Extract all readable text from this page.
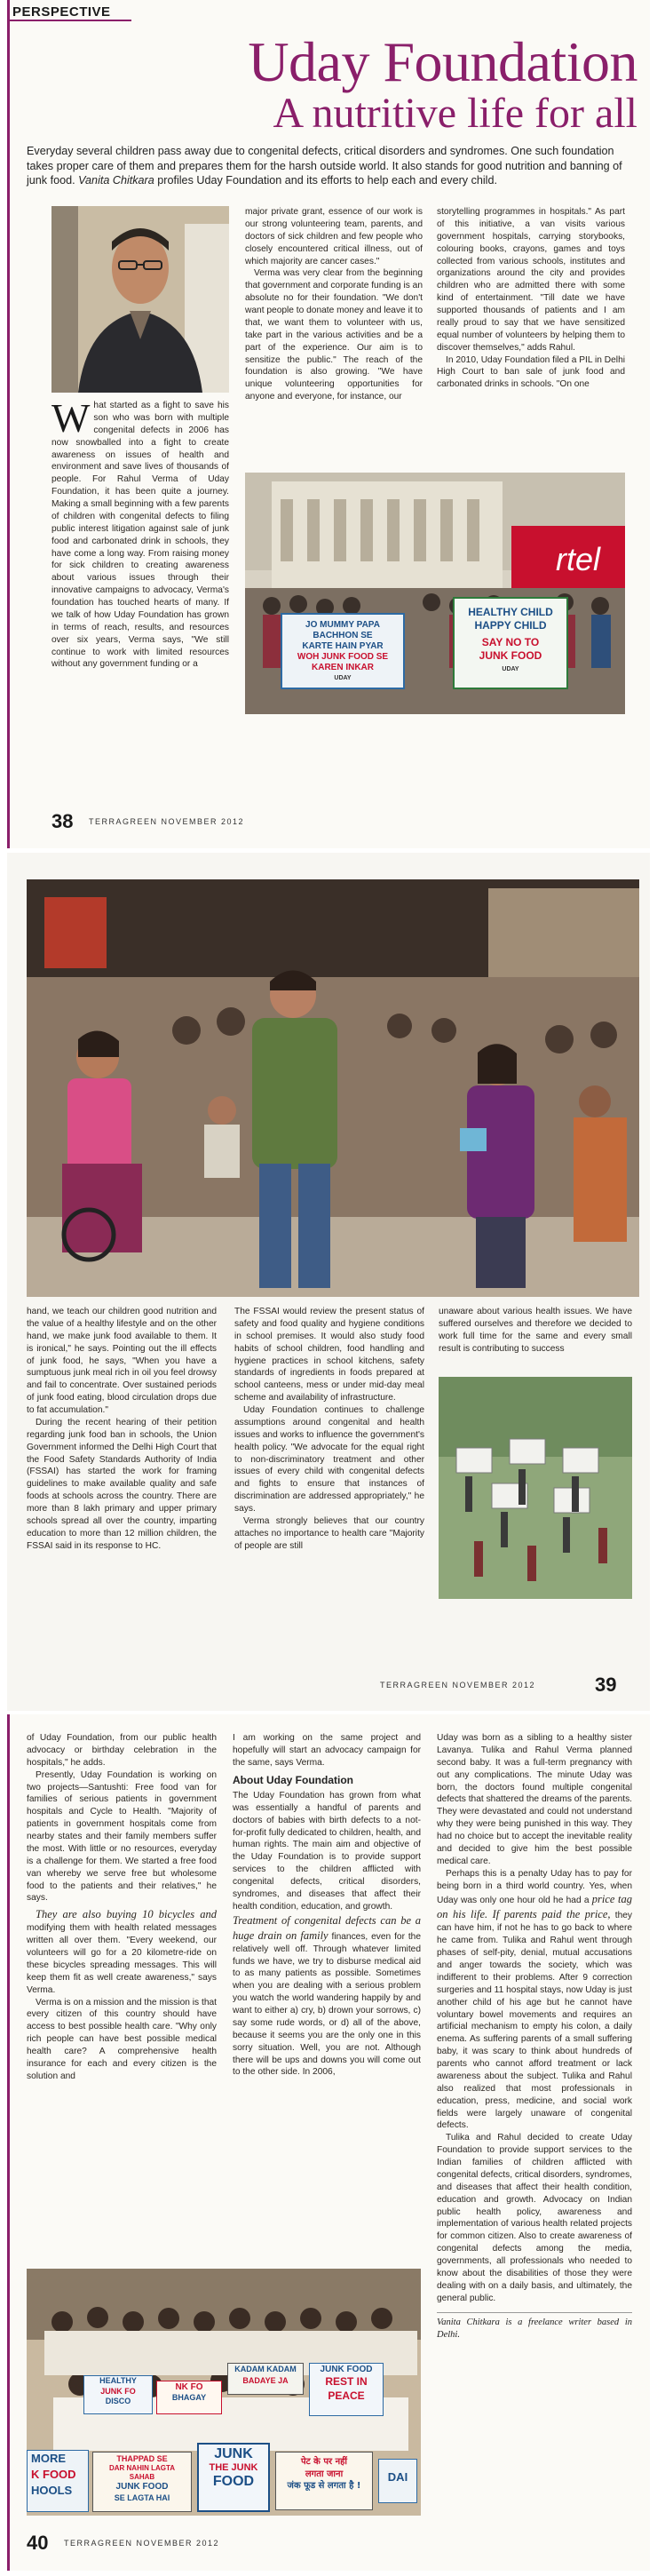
PERSPECTIVE
Uday Foundation
A nutritive life for all
Everyday several children pass away due to congenital defects, critical disorders and syndromes. One such foundation takes proper care of them and prepares them for the harsh outside world. It also stands for good nutrition and banning of junk food. Vanita Chitkara profiles Uday Foundation and its efforts to help each and every child.

What started as a fight to save his son who was born with multiple congenital defects in 2006 has now snowballed into a fight to create awareness on issues of health and environment and save lives of thousands of people. For Rahul Verma of Uday Foundation, it has been quite a journey. Making a small beginning with a few parents of children with congenital defects to filing public interest litigation against sale of junk food and carbonated drink in schools, they have come a long way. From raising money for sick children to creating awareness about various issues through their innovative campaigns to advocacy, Verma's foundation has touched hearts of many. If we talk of how Uday Foundation has grown in terms of reach, results, and resources over six years, Verma says, "We still continue to work with limited resources without any government funding or a

major private grant, essence of our work is our strong volunteering team, parents, and doctors of sick children and few people who closely encountered critical illness, out of which majority are cancer cases."

Verma was very clear from the beginning that government and corporate funding is an absolute no for their foundation. "We don't want people to donate money and leave it to that, we want them to volunteer with us, take part in the various activities and be a part of the experience. Our aim is to sensitize the public." The reach of the foundation is also growing. "We have unique volunteering opportunities for anyone and everyone, for instance, our

storytelling programmes in hospitals." As part of this initiative, a van visits various government hospitals, carrying storybooks, colouring books, crayons, games and toys collected from various schools, institutes and organizations around the city and provides children who are admitted there with some kind of entertainment. "Till date we have supported thousands of patients and I am really proud to say that we have sensitized equal number of volunteers by helping them to discover themselves," adds Rahul.

In 2010, Uday Foundation filed a PIL in Delhi High Court to ban sale of junk food and carbonated drinks in schools. "On one

rtel
JO MUMMY PAPA
BACHHON SE
KARTE HAIN PYAR
WOH JUNK FOOD SE
KAREN INKAR
UDAY
HEALTHY CHILD
HAPPY CHILD
SAY NO TO
JUNK FOOD
UDAY
38 TERRAGREEN NOVEMBER 2012

hand, we teach our children good nutrition and the value of a healthy lifestyle and on the other hand, we make junk food available to them. It is ironical," he says. Pointing out the ill effects of junk food, he says, "When you have a sumptuous junk meal rich in oil you feel drowsy and fail to concentrate. Over sustained periods of junk food eating, blood circulation drops due to fat accumulation."

During the recent hearing of their petition regarding junk food ban in schools, the Union Government informed the Delhi High Court that the Food Safety Standards Authority of India (FSSAI) has started the work for framing guidelines to make available quality and safe foods at schools across the country. There are more than 8 lakh primary and upper primary schools spread all over the country, imparting education to more than 12 million children, the FSSAI said in its response to HC.

The FSSAI would review the present status of safety and food quality and hygiene conditions in school premises. It would also study food habits of school children, food handling and hygiene practices in school kitchens, safety standards of ingredients in foods prepared at school canteens, mess or under mid-day meal scheme and availability of infrastructure.

Uday Foundation continues to challenge assumptions around congenital and health issues and works to influence the government's health policy. "We advocate for the equal right to non-discriminatory treatment and other issues of every child with congenital defects and fights to ensure that instances of discrimination are addressed appropriately," he says.

Verma strongly believes that our country attaches no importance to health care "Majority of people are still

unaware about various health issues. We have suffered ourselves and therefore we decided to work full time for the same and every small result is contributing to success

TERRAGREEN NOVEMBER 2012	39

of Uday Foundation, from our public health advocacy or birthday celebration in the hospitals," he adds.

Presently, Uday Foundation is working on two projects—Santushti: Free food van for families of serious patients in government hospitals and Cycle to Health. "Majority of patients in government hospitals come from nearby states and their family members suffer the most. With little or no resources, everyday is a challenge for them. We started a free food van whereby we serve free but wholesome food to the patients and their relatives," he says.

They are also buying 10 bicycles and modifying them with health related messages written all over them. "Every weekend, our volunteers will go for a 20 kilometre-ride on these bicycles spreading messages. This will keep them fit as well create awareness," says Verma.

Verma is on a mission and the mission is that every citizen of this country should have access to best possible health care. "Why only rich people can have best possible medical health care? A comprehensive health insurance for each and every citizen is the solution and

I am working on the same project and hopefully will start an advocacy campaign for the same, says Verma.

About Uday Foundation

The Uday Foundation has grown from what was essentially a handful of parents and doctors of babies with birth defects to a not-for-profit fully dedicated to children, health, and human rights. The main aim and objective of the Uday Foundation is to provide support services to the children afflicted with congenital defects, critical disorders, syndromes, and diseases that affect their health condition, education, and growth.

Treatment of congenital defects can be a huge drain on family finances, even for the relatively well off. Through whatever limited funds we have, we try to disburse medical aid to as many patients as possible. Sometimes when you are dealing with a serious problem you watch the world wandering happily by and want to either a) cry, b) drown your sorrows, c) say some rude words, or d) all of the above, because it seems you are the only one in this sorry situation. Well, you are not. Although there will be ups and downs you will come out to the other side. In 2006,

Uday was born as a sibling to a healthy sister Lavanya. Tulika and Rahul Verma planned second baby. It was a full-term pregnancy with out any complications. The minute Uday was born, the doctors found multiple congenital defects that shattered the dreams of the parents. They were devastated and could not understand why they were being punished in this way. They had no choice but to accept the inevitable reality and decided to give him the best possible medical care.

Perhaps this is a penalty Uday has to pay for being born in a third world country. Yes, when Uday was only one hour old he had a price tag on his life. If parents paid the price, they can have him, if not he has to go back to where he came from. Tulika and Rahul went through phases of self-pity, denial, mutual accusations and anger towards the society, which was indifferent to their problems. After 9 correction surgeries and 11 hospital stays, now Uday is just another child of his age but he cannot have voluntary bowel movements and requires an artificial mechanism to empty his colon, a daily enema. As suffering parents of a small suffering baby, it was scary to think about hundreds of parents who cannot afford treatment or lack awareness about the subject. Tulika and Rahul also realized that most professionals in education, press, medicine, and social work fields were largely unaware of congenital defects.

Tulika and Rahul decided to create Uday Foundation to provide support services to the Indian families of children afflicted with congenital defects, critical disorders, syndromes, and diseases that affect their health condition, education and growth. Advocacy on Indian public health policy, awareness and implementation of various health related projects for common citizen. Also to create awareness of congenital defects among the media, governments, all professionals who needed to know about the disabilities of those they were dealing with on a daily basis, and ultimately, the general public.

Vanita Chitkara is a freelance writer based in Delhi.

HEALTHY
JUNK FO
DISCO
NK FO
BHAGAY
KADAM KADAM
BADAYE JA
JUNK FOOD
REST IN
PEACE
MORE
K FOOD
HOOLS
THAPPAD SE
DAR NAHIN LAGTA
SAHAB
JUNK FOOD
SE LAGTA HAI
JUNK
THE JUNK
FOOD
पेट के पर नहीं
लगता जाना
जंक फूड से लगता है !
DAI
40 TERRAGREEN NOVEMBER 2012
